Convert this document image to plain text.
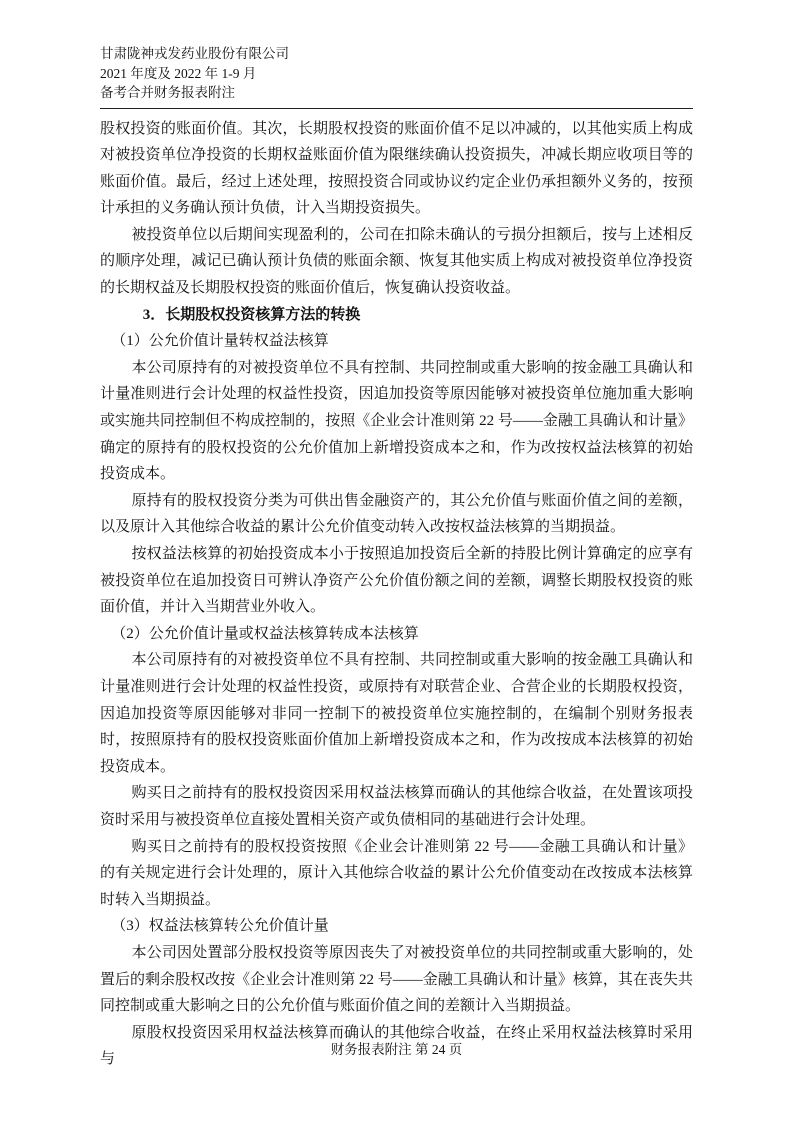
甘肃陇神戎发药业股份有限公司
2021 年度及 2022 年 1-9 月
备考合并财务报表附注

股权投资的账面价值。其次，长期股权投资的账面价值不足以冲减的，以其他实质上构成对被投资单位净投资的长期权益账面价值为限继续确认投资损失，冲减长期应收项目等的账面价值。最后，经过上述处理，按照投资合同或协议约定企业仍承担额外义务的，按预计承担的义务确认预计负债，计入当期投资损失。

被投资单位以后期间实现盈利的，公司在扣除未确认的亏损分担额后，按与上述相反的顺序处理，减记已确认预计负债的账面余额、恢复其他实质上构成对被投资单位净投资的长期权益及长期股权投资的账面价值后，恢复确认投资收益。

3．长期股权投资核算方法的转换

（1）公允价值计量转权益法核算

本公司原持有的对被投资单位不具有控制、共同控制或重大影响的按金融工具确认和计量准则进行会计处理的权益性投资，因追加投资等原因能够对被投资单位施加重大影响或实施共同控制但不构成控制的，按照《企业会计准则第 22 号——金融工具确认和计量》确定的原持有的股权投资的公允价值加上新增投资成本之和，作为改按权益法核算的初始投资成本。

原持有的股权投资分类为可供出售金融资产的，其公允价值与账面价值之间的差额，以及原计入其他综合收益的累计公允价值变动转入改按权益法核算的当期损益。

按权益法核算的初始投资成本小于按照追加投资后全新的持股比例计算确定的应享有被投资单位在追加投资日可辨认净资产公允价值份额之间的差额，调整长期股权投资的账面价值，并计入当期营业外收入。

（2）公允价值计量或权益法核算转成本法核算

本公司原持有的对被投资单位不具有控制、共同控制或重大影响的按金融工具确认和计量准则进行会计处理的权益性投资，或原持有对联营企业、合营企业的长期股权投资，因追加投资等原因能够对非同一控制下的被投资单位实施控制的，在编制个别财务报表时，按照原持有的股权投资账面价值加上新增投资成本之和，作为改按成本法核算的初始投资成本。

购买日之前持有的股权投资因采用权益法核算而确认的其他综合收益，在处置该项投资时采用与被投资单位直接处置相关资产或负债相同的基础进行会计处理。

购买日之前持有的股权投资按照《企业会计准则第 22 号——金融工具确认和计量》的有关规定进行会计处理的，原计入其他综合收益的累计公允价值变动在改按成本法核算时转入当期损益。

（3）权益法核算转公允价值计量

本公司因处置部分股权投资等原因丧失了对被投资单位的共同控制或重大影响的，处置后的剩余股权改按《企业会计准则第 22 号——金融工具确认和计量》核算，其在丧失共同控制或重大影响之日的公允价值与账面价值之间的差额计入当期损益。

原股权投资因采用权益法核算而确认的其他综合收益，在终止采用权益法核算时采用与

财务报表附注 第 24 页
